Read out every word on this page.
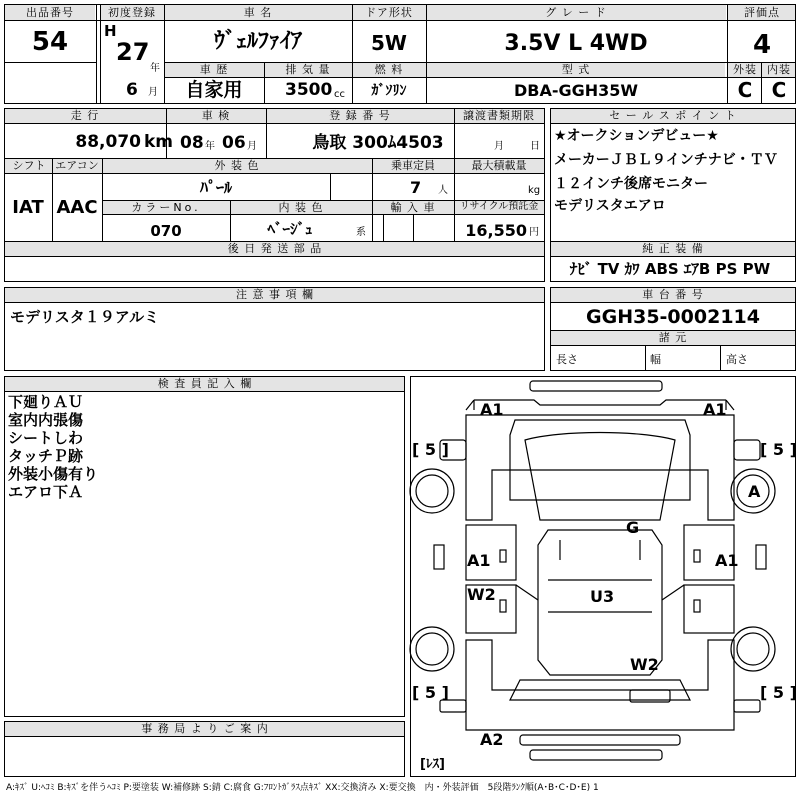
出品番号
54
初度登録
H
27
年
6 月
車 名
ｳﾞｪﾙﾌｧｲｱ
車 歴
自家用
排 気 量
3500 cc
ドア形状
5W
燃 料
ｶﾞｿﾘﾝ
グ レ ー ド
3.5V L 4WD
型 式
DBA-GGH35W
評価点
4
外装 内装
C C
走 行
88,070 km
車 検
08 年 06 月
登 録 番 号
鳥取 300ﾑ4503
譲渡書類期限
月	日
シフト エアコン
IAT AAC
外 装 色
ﾊﾟｰﾙ
乗車定員
7 人
最大積載量
kg
カラーNo.
070
内 装 色
ﾍﾞｰｼﾞｭ	系
輸 入 車 リサイクル預託金
16,550 円
後 日 発 送 部 品
セ ー ル ス ポ イ ン ト
★オークションデビュー★
メーカーＪＢＬ９インチナビ・ＴＶ
１２インチ後席モニター
モデリスタエアロ
純 正 装 備
ﾅﾋﾞ TV ｶﾜ ABS ｴｱB PS PW
注 意 事 項 欄
モデリスタ１９アルミ
車 台 番 号
GGH35-0002114
諸 元
長さ	幅	高さ
検 査 員 記 入 欄
下廻りＡＵ
室内内張傷
シートしわ
タッチＰ跡
外装小傷有り
エアロ下Ａ
事 務 局 よ り ご 案 内
A1	A1
[ 5 ]	[ 5 ]
A
G
A1	A1
W2	U3
W2
[ 5 ]	[ 5 ]
A2
[ﾚｽ]
A:ｷｽﾞ U:ﾍｺﾐ B:ｷｽﾞを伴うﾍｺﾐ P:要塗装 W:補修跡 S:錆 C:腐食 G:ﾌﾛﾝﾄｶﾞﾗｽ点ｷｽﾞ XX:交換済み X:要交換　内・外装評価　5段階ﾗﾝｸ順(A･B･C･D･E) 1
